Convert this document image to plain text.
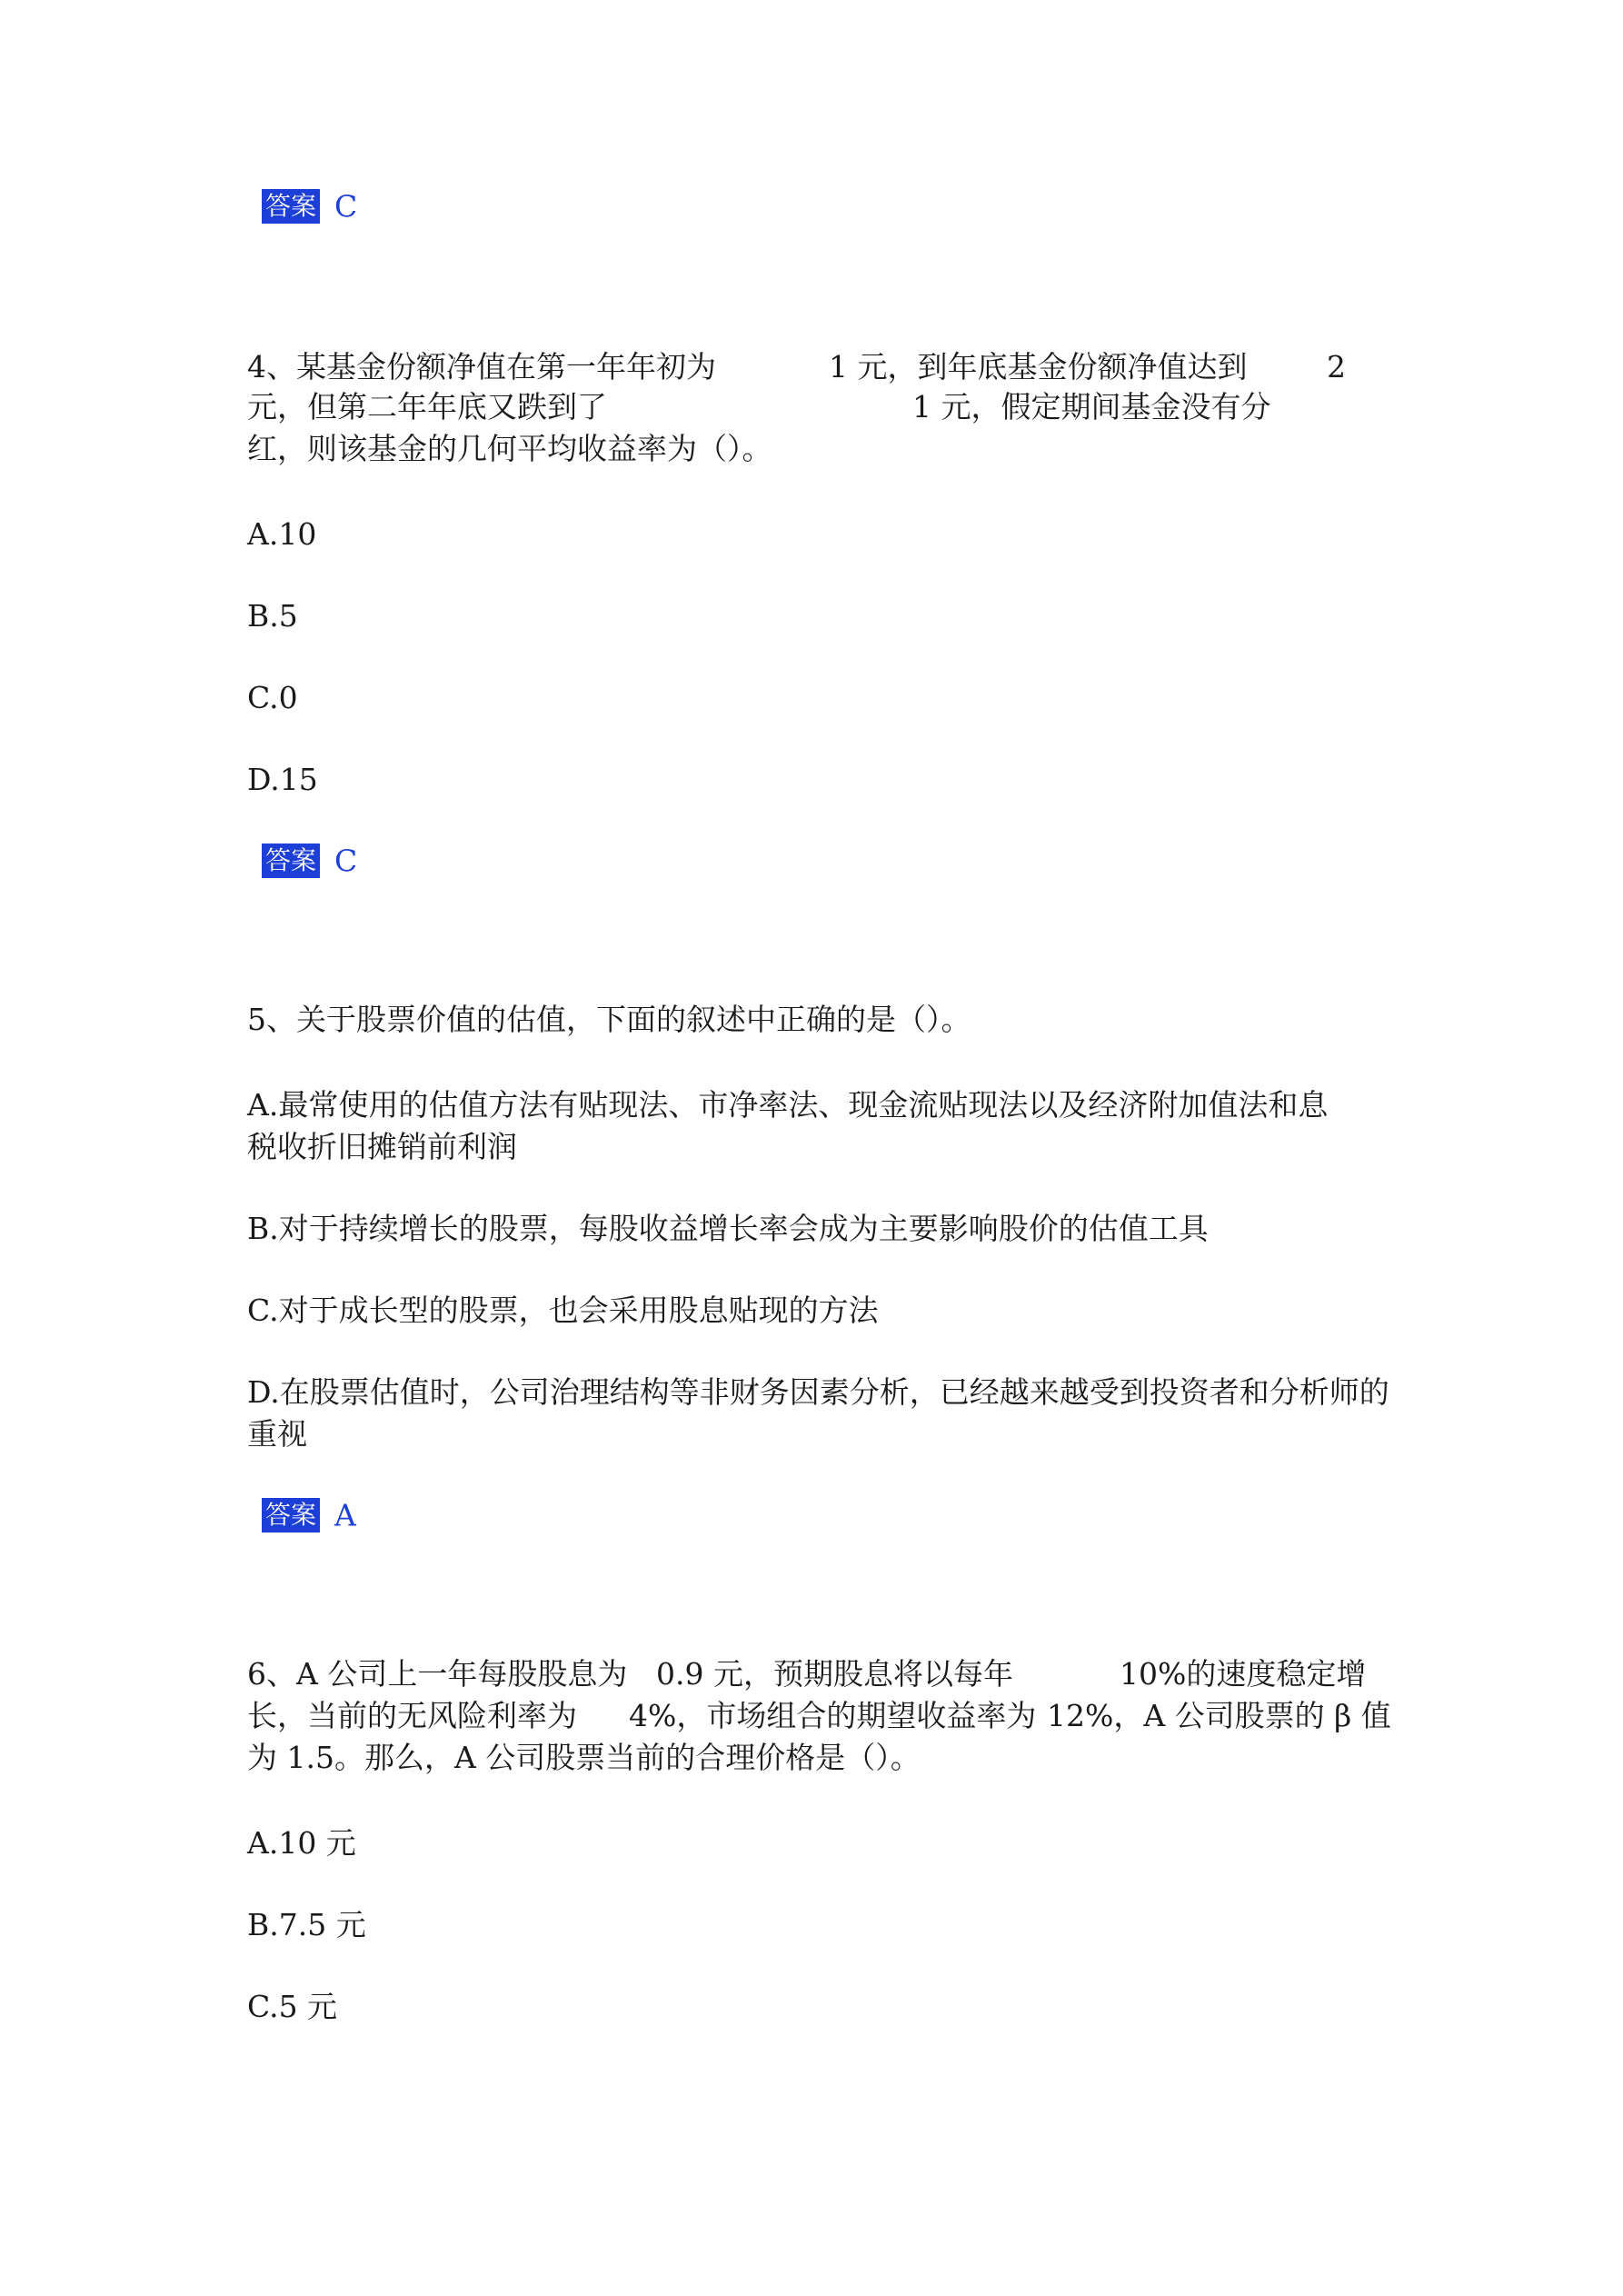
答案 C
4、某基金份额净值在第一年年初为	1 元，到年底基金份额净值达到	2
元，但第二年年底又跌到了	1 元，假定期间基金没有分
红，则该基金的几何平均收益率为（）。
A.10
B.5
C.0
D.15
答案 C
5、关于股票价值的估值，下面的叙述中正确的是（）。
A.最常使用的估值方法有贴现法、市净率法、现金流贴现法以及经济附加值法和息
税收折旧摊销前利润
B.对于持续增长的股票，每股收益增长率会成为主要影响股价的估值工具
C.对于成长型的股票，也会采用股息贴现的方法
D.在股票估值时，公司治理结构等非财务因素分析，已经越来越受到投资者和分析师的
重视
答案 A
6、A 公司上一年每股股息为 0.9 元，预期股息将以每年	10%的速度稳定增
长，当前的无风险利率为 4%，市场组合的期望收益率为 12%，A 公司股票的 β 值
为 1.5。那么，A 公司股票当前的合理价格是（）。
A.10 元
B.7.5 元
C.5 元
